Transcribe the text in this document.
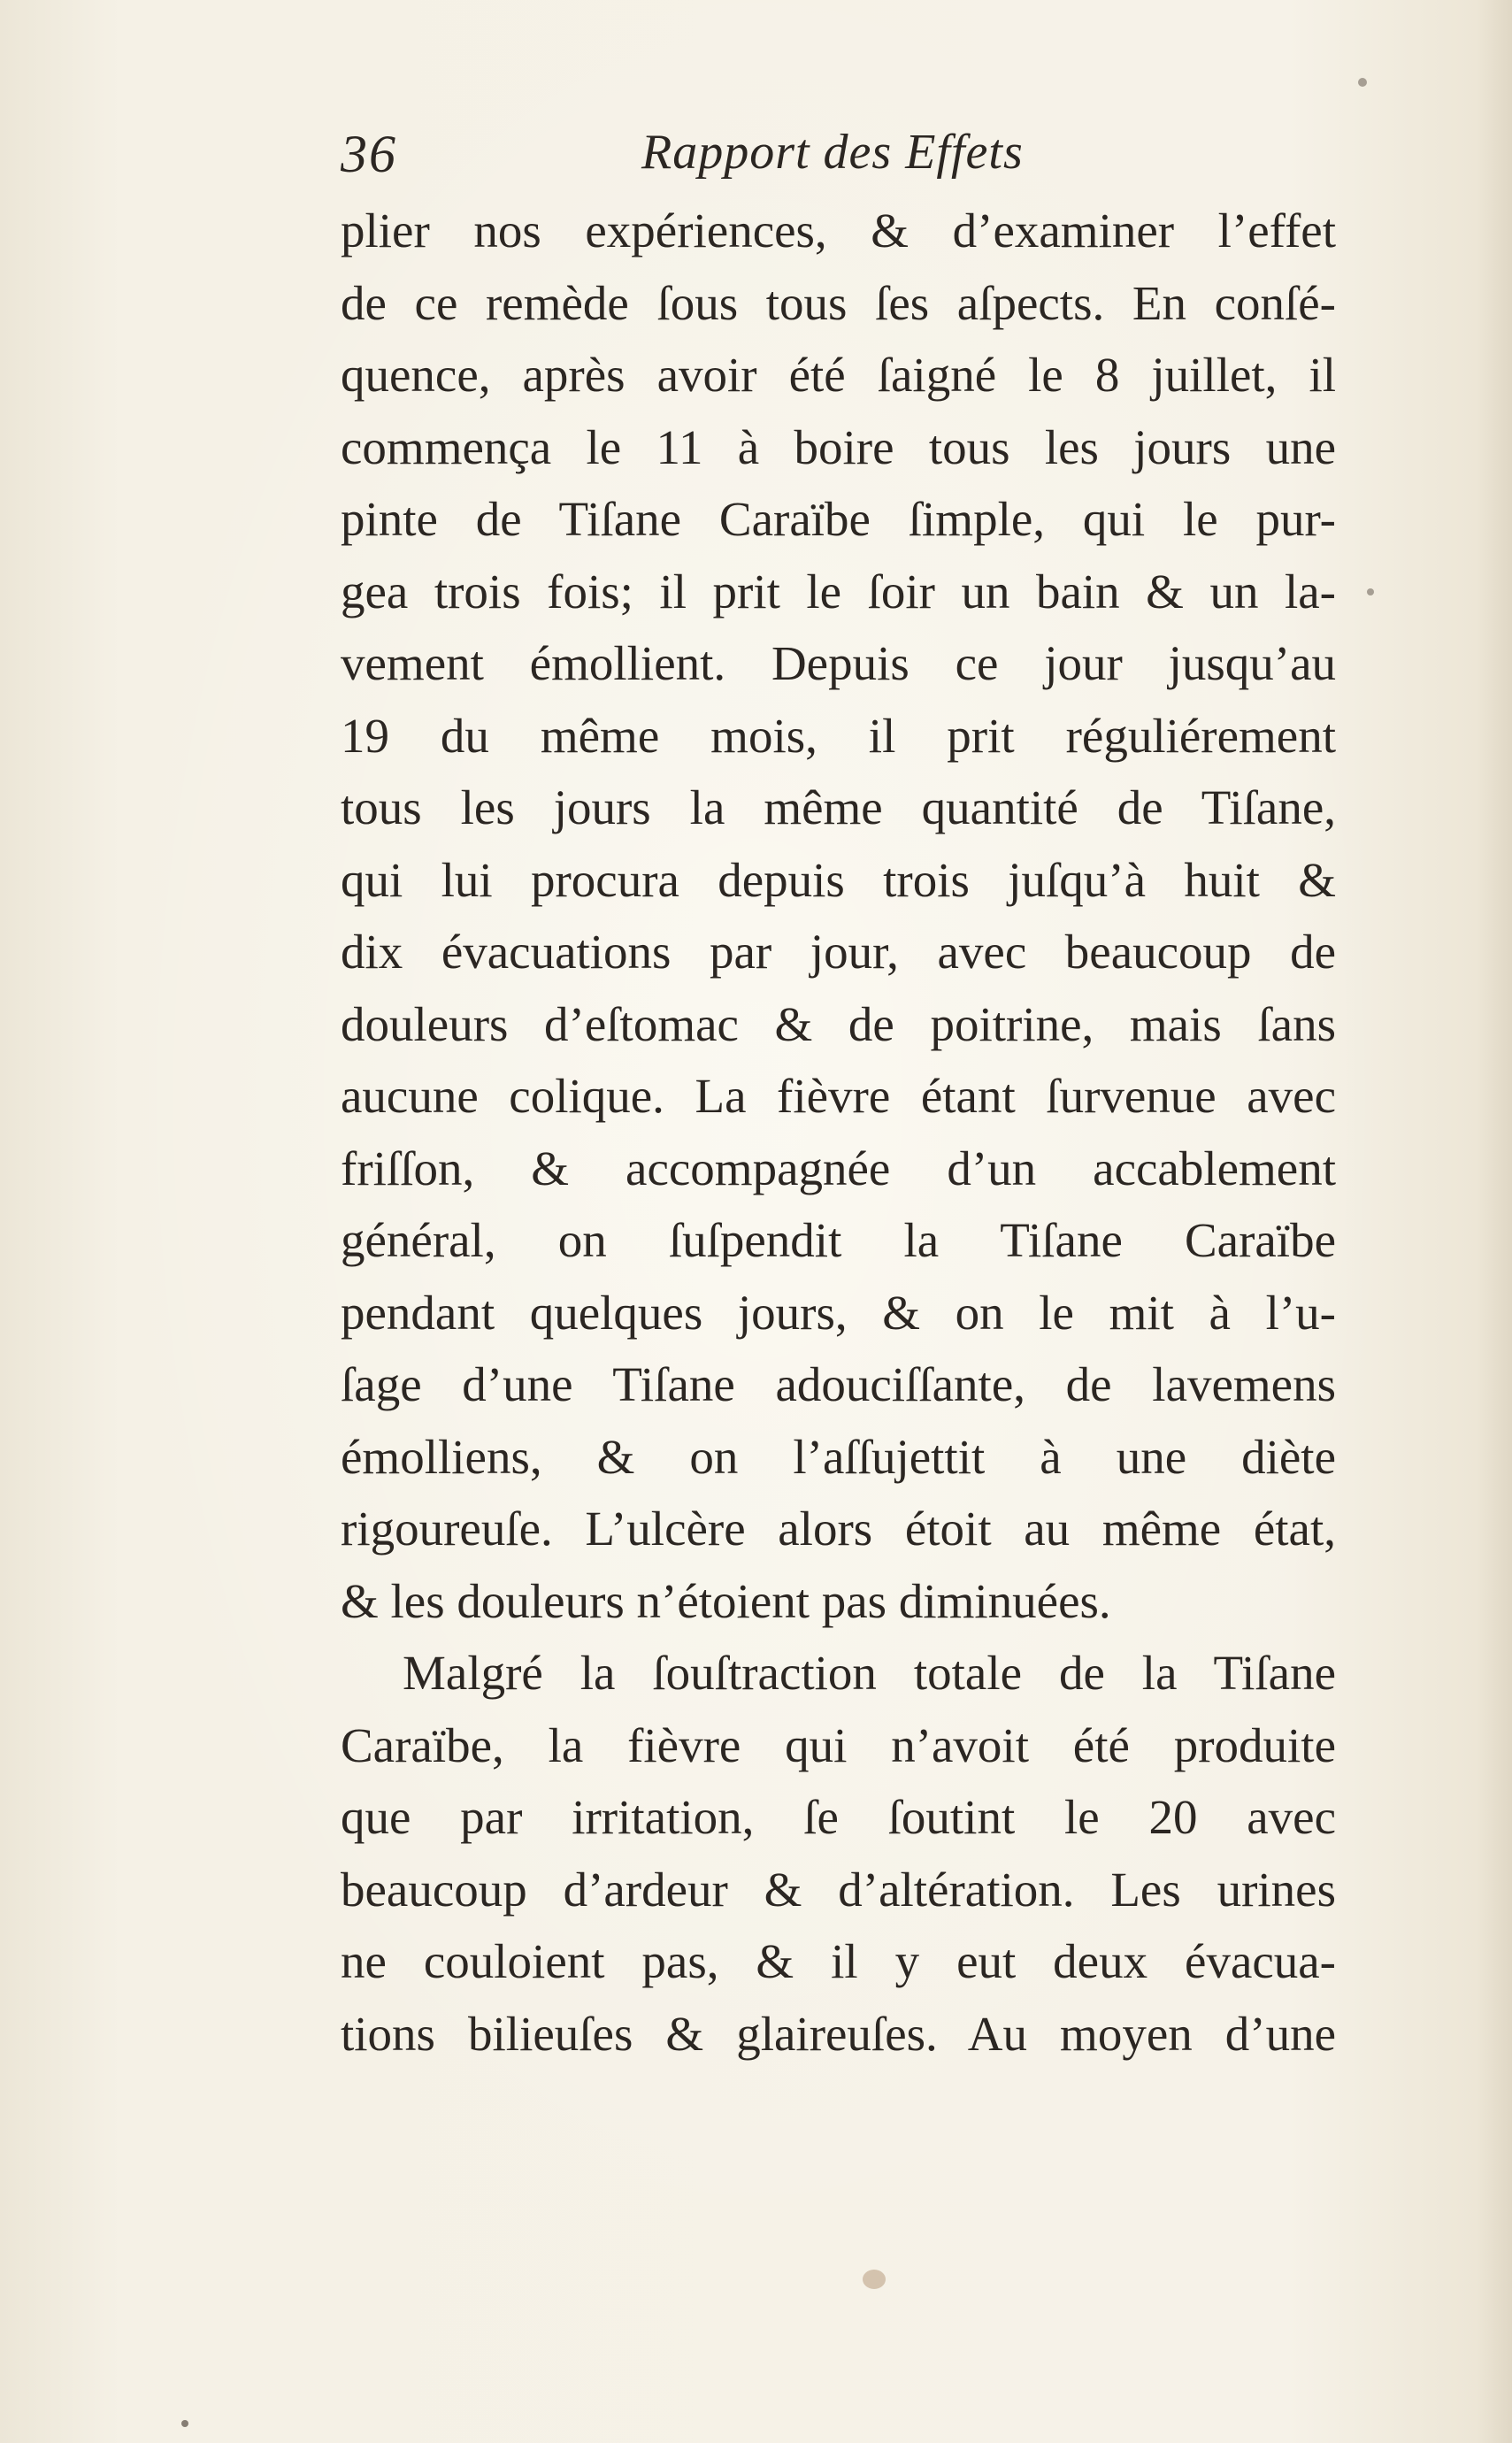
36	Rapport des Effets
plier nos expériences, & d’examiner l’effet
de ce remède ſous tous ſes aſpects. En conſé-
quence, après avoir été ſaigné le 8 juillet, il
commença le 11 à boire tous les jours une
pinte de Tiſane Caraïbe ſimple, qui le pur-
gea trois fois; il prit le ſoir un bain & un la-
vement émollient. Depuis ce jour jusqu’au
19 du même mois, il prit réguliérement
tous les jours la même quantité de Tiſane,
qui lui procura depuis trois juſqu’à huit &
dix évacuations par jour, avec beaucoup de
douleurs d’eſtomac & de poitrine, mais ſans
aucune colique. La fièvre étant ſurvenue avec
friſſon, & accompagnée d’un accablement
général, on ſuſpendit la Tiſane Caraïbe
pendant quelques jours, & on le mit à l’u-
ſage d’une Tiſane adouciſſante, de lavemens
émolliens, & on l’aſſujettit à une diète
rigoureuſe. L’ulcère alors étoit au même état,
& les douleurs n’étoient pas diminuées.
Malgré la ſouſtraction totale de la Tiſane
Caraïbe, la fièvre qui n’avoit été produite
que par irritation, ſe ſoutint le 20 avec
beaucoup d’ardeur & d’altération. Les urines
ne couloient pas, & il y eut deux évacua-
tions bilieuſes & glaireuſes. Au moyen d’une
